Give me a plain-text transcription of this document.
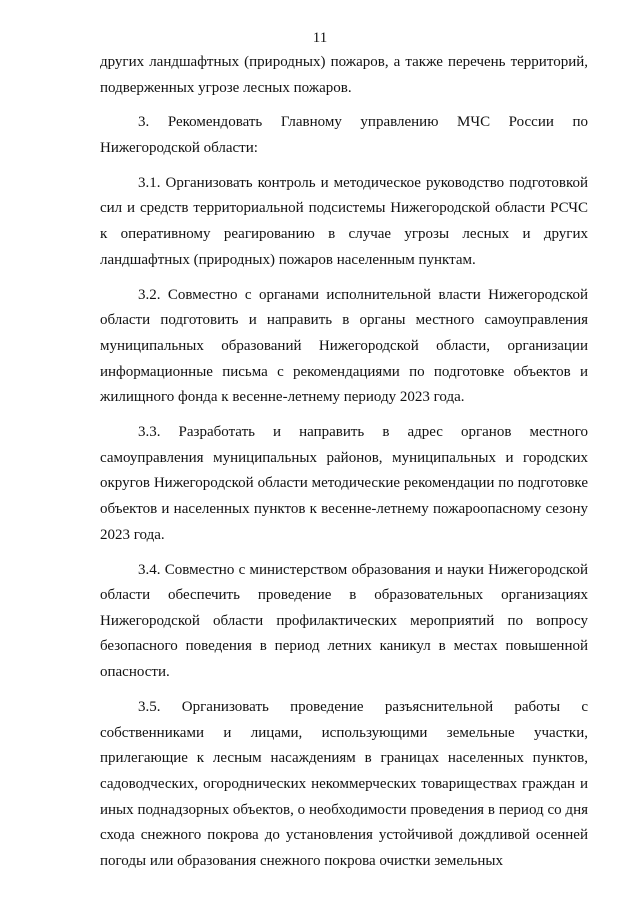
11

других ландшафтных (природных) пожаров, а также перечень территорий, подверженных угрозе лесных пожаров.

3. Рекомендовать Главному управлению МЧС России по Нижегородской области:

3.1. Организовать контроль и методическое руководство подготовкой сил и средств территориальной подсистемы Нижегородской области РСЧС к оперативному реагированию в случае угрозы лесных и других ландшафтных (природных) пожаров населенным пунктам.

3.2. Совместно с органами исполнительной власти Нижегородской области подготовить и направить в органы местного самоуправления муниципальных образований Нижегородской области, организации информационные письма с рекомендациями по подготовке объектов и жилищного фонда к весенне-летнему периоду 2023 года.

3.3. Разработать и направить в адрес органов местного самоуправления муниципальных районов, муниципальных и городских округов Нижегородской области методические рекомендации по подготовке объектов и населенных пунктов к весенне-летнему пожароопасному сезону 2023 года.

3.4. Совместно с министерством образования и науки Нижегородской области обеспечить проведение в образовательных организациях Нижегородской области профилактических мероприятий по вопросу безопасного поведения в период летних каникул в местах повышенной опасности.

3.5. Организовать проведение разъяснительной работы с собственниками и лицами, использующими земельные участки, прилегающие к лесным насаждениям в границах населенных пунктов, садоводческих, огороднических некоммерческих товариществах граждан и иных поднадзорных объектов, о необходимости проведения в период со дня схода снежного покрова до установления устойчивой дождливой осенней погоды или образования снежного покрова очистки земельных
